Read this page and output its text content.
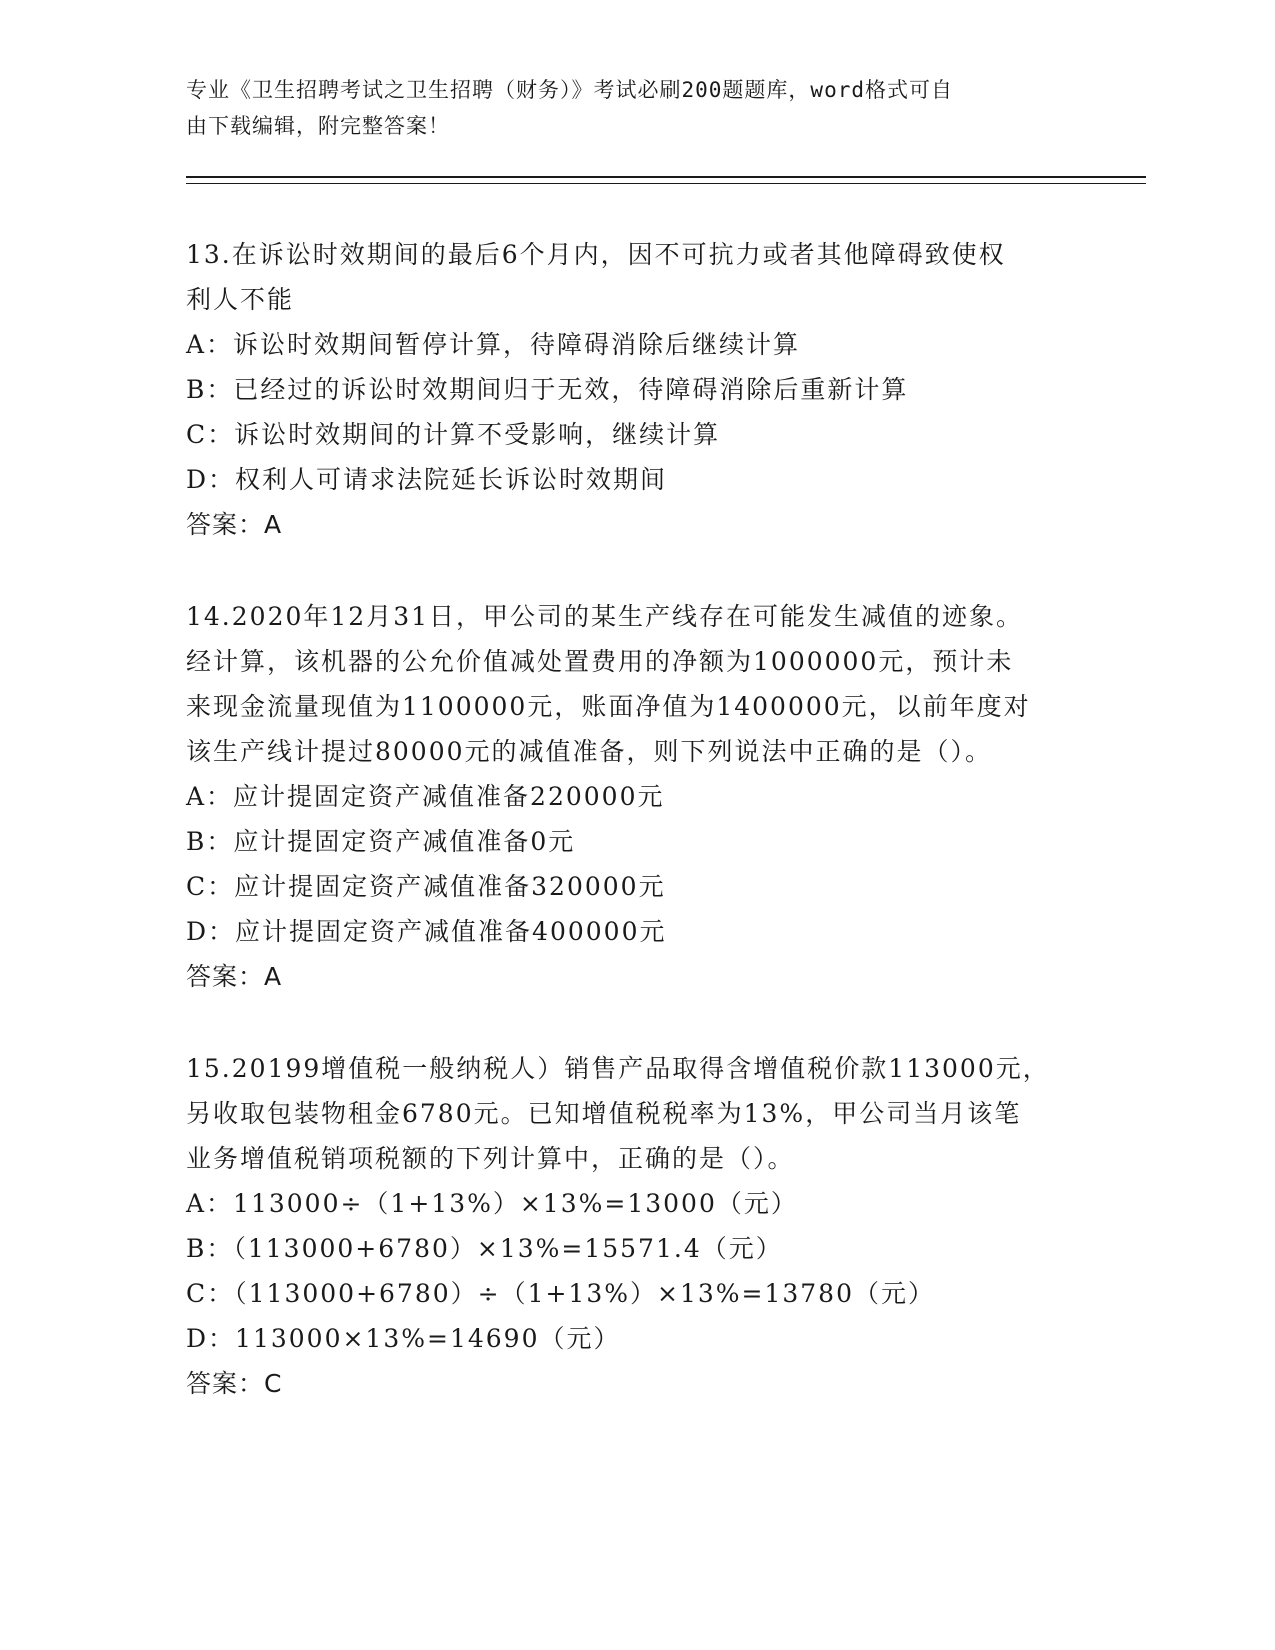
专业《卫生招聘考试之卫生招聘（财务）》考试必刷200题题库，word格式可自
由下载编辑，附完整答案！

13.在诉讼时效期间的最后6个月内，因不可抗力或者其他障碍致使权

利人不能

A：诉讼时效期间暂停计算，待障碍消除后继续计算

B：已经过的诉讼时效期间归于无效，待障碍消除后重新计算

C：诉讼时效期间的计算不受影响，继续计算

D：权利人可请求法院延长诉讼时效期间

答案：A

14.2020年12月31日，甲公司的某生产线存在可能发生减值的迹象。

经计算，该机器的公允价值减处置费用的净额为1000000元，预计未

来现金流量现值为1100000元，账面净值为1400000元，以前年度对

该生产线计提过80000元的减值准备，则下列说法中正确的是（）。

A：应计提固定资产减值准备220000元

B：应计提固定资产减值准备0元

C：应计提固定资产减值准备320000元

D：应计提固定资产减值准备400000元

答案：A

15.20199增值税一般纳税人）销售产品取得含增值税价款113000元，

另收取包装物租金6780元。已知增值税税率为13%，甲公司当月该笔

业务增值税销项税额的下列计算中，正确的是（）。

A：113000÷（1+13%）×13%=13000（元）

B：（113000+6780）×13%=15571.4（元）

C：（113000+6780）÷（1+13%）×13%=13780（元）

D：113000×13%=14690（元）

答案：C
